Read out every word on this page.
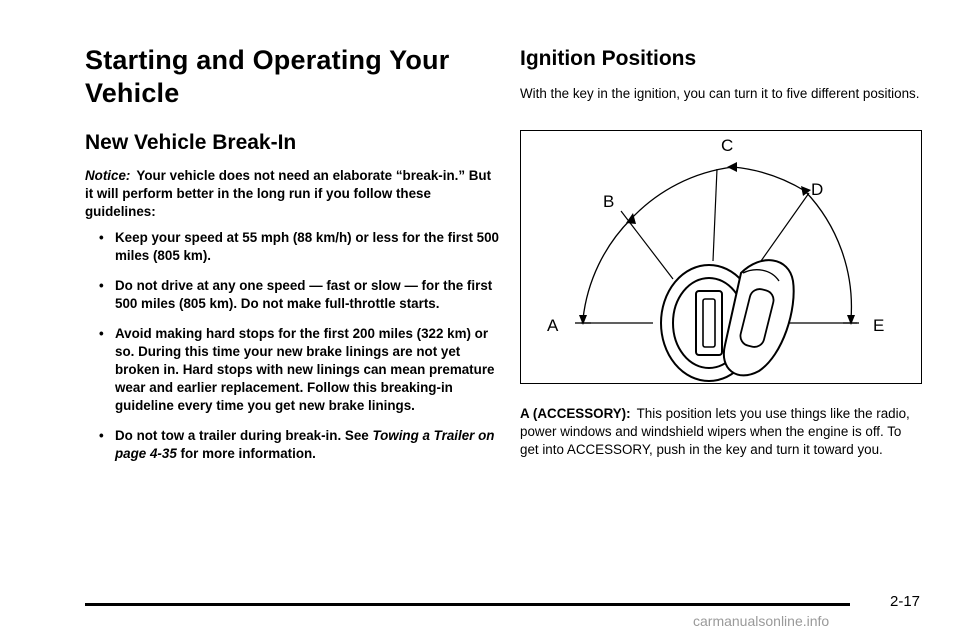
Starting and Operating Your Vehicle
New Vehicle Break-In
Notice: Your vehicle does not need an elaborate “break-in.” But it will perform better in the long run if you follow these guidelines:
• Keep your speed at 55 mph (88 km/h) or less for the first 500 miles (805 km).
• Do not drive at any one speed — fast or slow — for the first 500 miles (805 km). Do not make full-throttle starts.
• Avoid making hard stops for the first 200 miles (322 km) or so. During this time your new brake linings are not yet broken in. Hard stops with new linings can mean premature wear and earlier replacement. Follow this breaking-in guideline every time you get new brake linings.
• Do not tow a trailer during break-in. See Towing a Trailer on page 4-35 for more information.
Ignition Positions
With the key in the ignition, you can turn it to five different positions.
A
B
C
D
E
A (ACCESSORY): This position lets you use things like the radio, power windows and windshield wipers when the engine is off. To get into ACCESSORY, push in the key and turn it toward you.
2-17
carmanualsonline.info
